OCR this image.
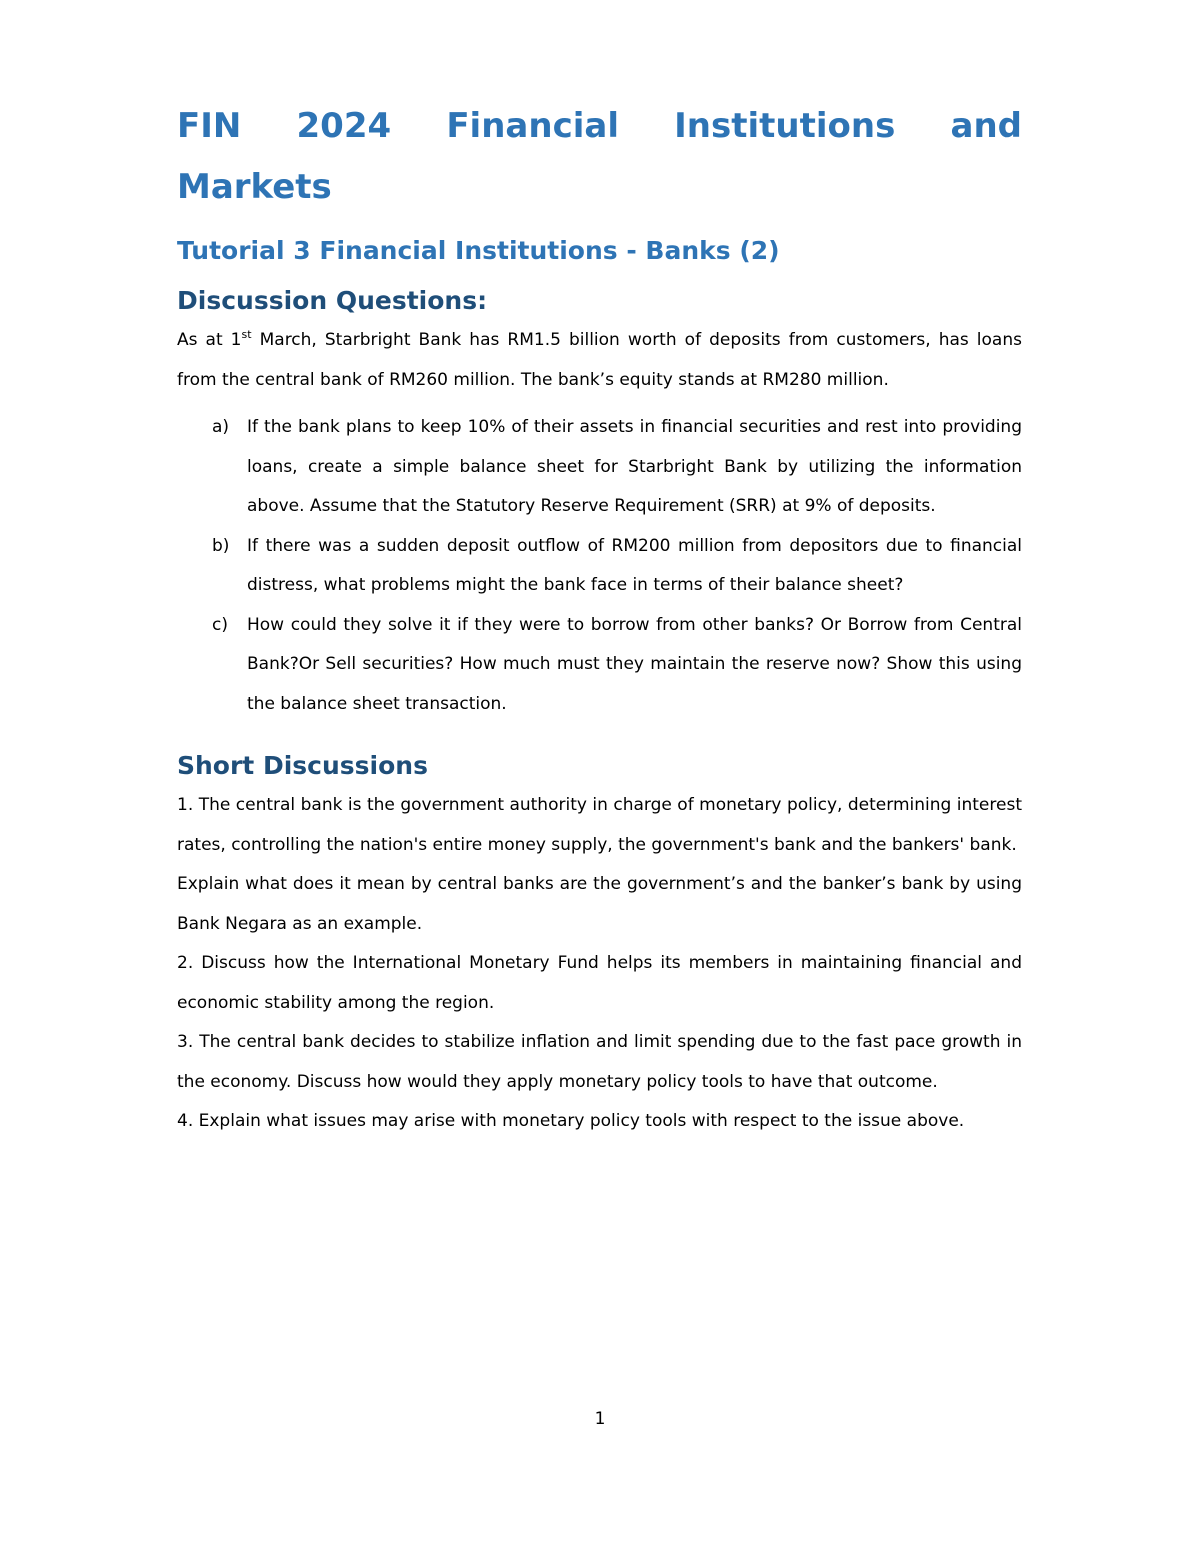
FIN 2024 Financial Institutions and
Markets
Tutorial 3 Financial Institutions - Banks (2)
Discussion Questions:

As at 1st March, Starbright Bank has RM1.5 billion worth of deposits from customers, has loans from the central bank of RM260 million. The bank’s equity stands at RM280 million.

a) If the bank plans to keep 10% of their assets in financial securities and rest into providing loans, create a simple balance sheet for Starbright Bank by utilizing the information above. Assume that the Statutory Reserve Requirement (SRR) at 9% of deposits.
b) If there was a sudden deposit outflow of RM200 million from depositors due to financial distress, what problems might the bank face in terms of their balance sheet?
c) How could they solve it if they were to borrow from other banks? Or Borrow from Central Bank?Or Sell securities? How much must they maintain the reserve now? Show this using the balance sheet transaction.
Short Discussions

1. The central bank is the government authority in charge of monetary policy, determining interest rates, controlling the nation's entire money supply, the government's bank and the bankers' bank.

Explain what does it mean by central banks are the government’s and the banker’s bank by using Bank Negara as an example.

2. Discuss how the International Monetary Fund helps its members in maintaining financial and economic stability among the region.

3. The central bank decides to stabilize inflation and limit spending due to the fast pace growth in the economy. Discuss how would they apply monetary policy tools to have that outcome.

4. Explain what issues may arise with monetary policy tools with respect to the issue above.

1
